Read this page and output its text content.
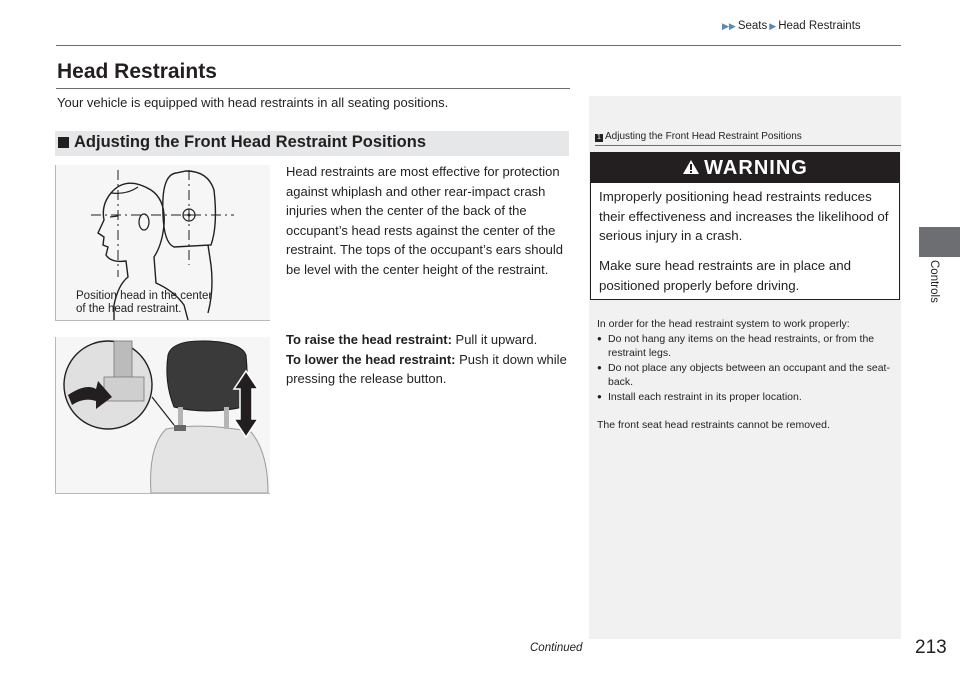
▶▶ Seats ▶ Head Restraints
Head Restraints
Your vehicle is equipped with head restraints in all seating positions.
Adjusting the Front Head Restraint Positions
Position head in the center
of the head restraint.
Head restraints are most effective for protection against whiplash and other rear-impact crash injuries when the center of the back of the occupant’s head rests against the center of the restraint. The tops of the occupant’s ears should be level with the center height of the restraint.
To raise the head restraint: Pull it upward.
To lower the head restraint: Push it down while pressing the release button.
1 Adjusting the Front Head Restraint Positions
WARNING
Improperly positioning head restraints reduces their effectiveness and increases the likelihood of serious injury in a crash.
Make sure head restraints are in place and positioned properly before driving.
In order for the head restraint system to work properly:
● Do not hang any items on the head restraints, or from the restraint legs.
● Do not place any objects between an occupant and the seat-back.
● Install each restraint in its proper location.
The front seat head restraints cannot be removed.
Controls
Continued	213
